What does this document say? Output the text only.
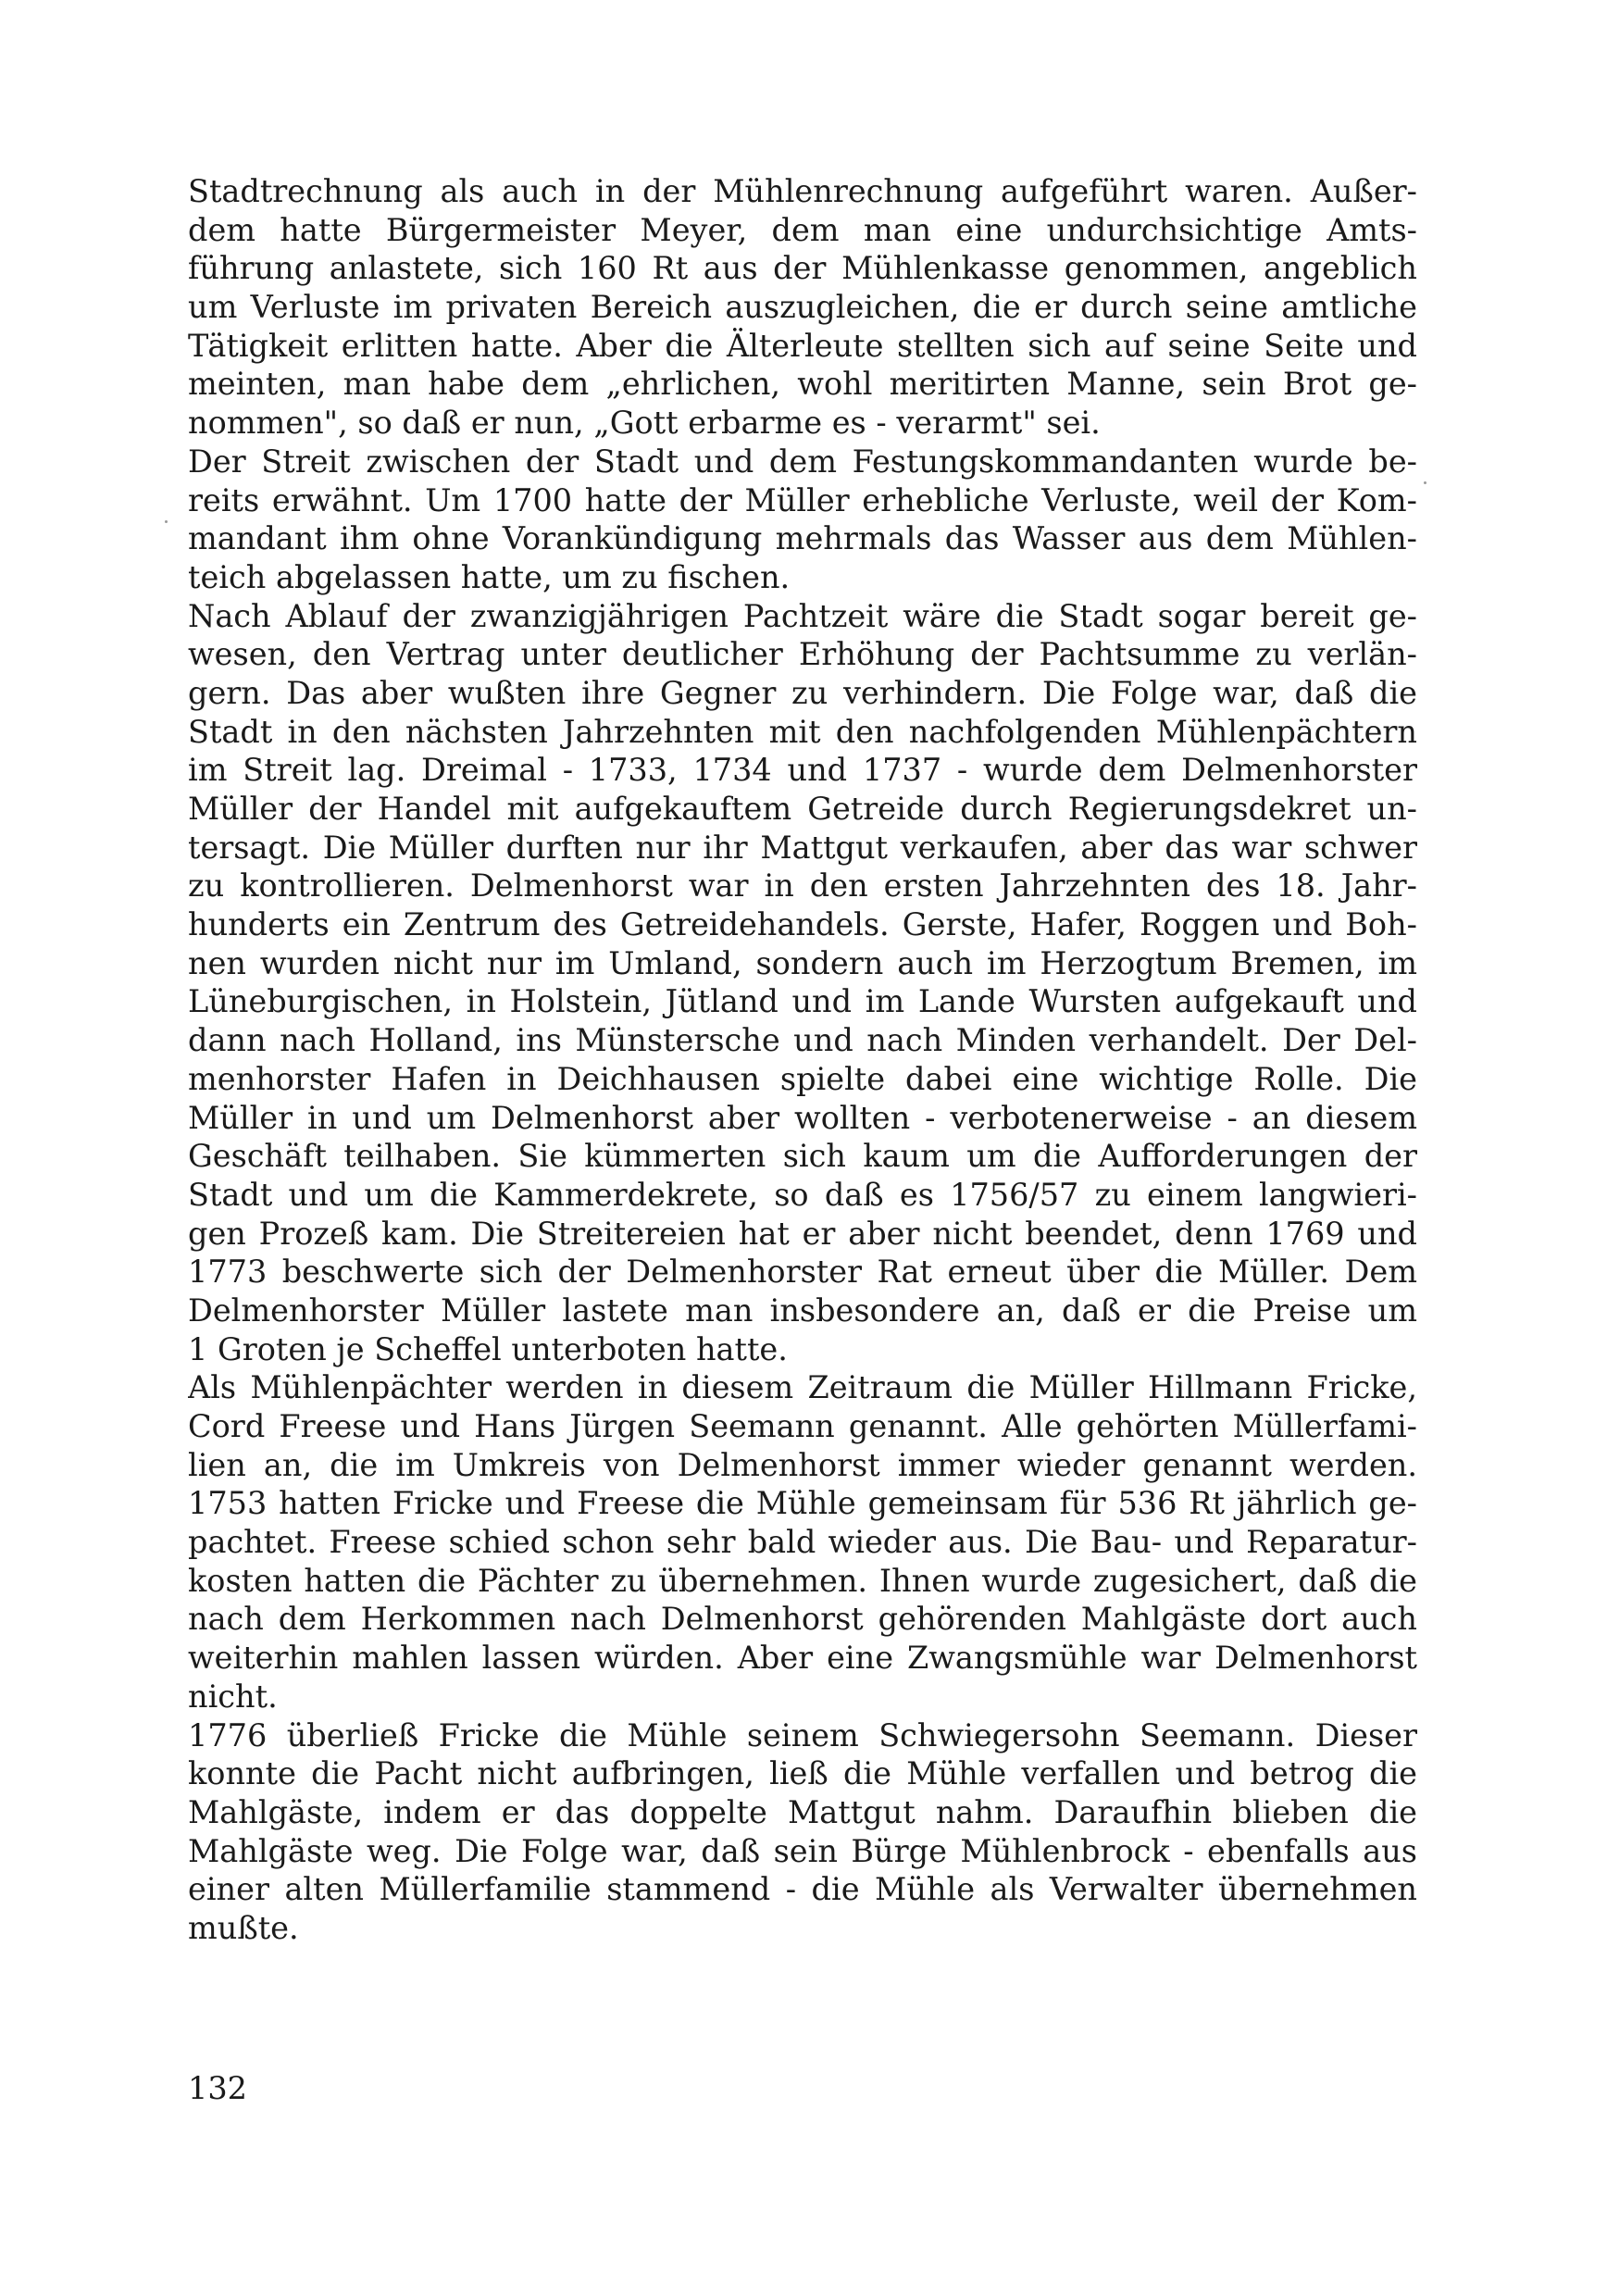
Stadtrechnung als auch in der Mühlenrechnung aufgeführt waren. Außer-
dem hatte Bürgermeister Meyer, dem man eine undurchsichtige Amts-
führung anlastete, sich 160 Rt aus der Mühlenkasse genommen, angeblich
um Verluste im privaten Bereich auszugleichen, die er durch seine amtliche
Tätigkeit erlitten hatte. Aber die Älterleute stellten sich auf seine Seite und
meinten, man habe dem „ehrlichen, wohl meritirten Manne, sein Brot ge-
nommen", so daß er nun, „Gott erbarme es - verarmt" sei.
Der Streit zwischen der Stadt und dem Festungskommandanten wurde be-
reits erwähnt. Um 1700 hatte der Müller erhebliche Verluste, weil der Kom-
mandant ihm ohne Vorankündigung mehrmals das Wasser aus dem Mühlen-
teich abgelassen hatte, um zu fischen.
Nach Ablauf der zwanzigjährigen Pachtzeit wäre die Stadt sogar bereit ge-
wesen, den Vertrag unter deutlicher Erhöhung der Pachtsumme zu verlän-
gern. Das aber wußten ihre Gegner zu verhindern. Die Folge war, daß die
Stadt in den nächsten Jahrzehnten mit den nachfolgenden Mühlenpächtern
im Streit lag. Dreimal - 1733, 1734 und 1737 - wurde dem Delmenhorster
Müller der Handel mit aufgekauftem Getreide durch Regierungsdekret un-
tersagt. Die Müller durften nur ihr Mattgut verkaufen, aber das war schwer
zu kontrollieren. Delmenhorst war in den ersten Jahrzehnten des 18. Jahr-
hunderts ein Zentrum des Getreidehandels. Gerste, Hafer, Roggen und Boh-
nen wurden nicht nur im Umland, sondern auch im Herzogtum Bremen, im
Lüneburgischen, in Holstein, Jütland und im Lande Wursten aufgekauft und
dann nach Holland, ins Münstersche und nach Minden verhandelt. Der Del-
menhorster Hafen in Deichhausen spielte dabei eine wichtige Rolle. Die
Müller in und um Delmenhorst aber wollten - verbotenerweise - an diesem
Geschäft teilhaben. Sie kümmerten sich kaum um die Aufforderungen der
Stadt und um die Kammerdekrete, so daß es 1756/57 zu einem langwieri-
gen Prozeß kam. Die Streitereien hat er aber nicht beendet, denn 1769 und
1773 beschwerte sich der Delmenhorster Rat erneut über die Müller. Dem
Delmenhorster Müller lastete man insbesondere an, daß er die Preise um
1 Groten je Scheffel unterboten hatte.
Als Mühlenpächter werden in diesem Zeitraum die Müller Hillmann Fricke,
Cord Freese und Hans Jürgen Seemann genannt. Alle gehörten Müllerfami-
lien an, die im Umkreis von Delmenhorst immer wieder genannt werden.
1753 hatten Fricke und Freese die Mühle gemeinsam für 536 Rt jährlich ge-
pachtet. Freese schied schon sehr bald wieder aus. Die Bau- und Reparatur-
kosten hatten die Pächter zu übernehmen. Ihnen wurde zugesichert, daß die
nach dem Herkommen nach Delmenhorst gehörenden Mahlgäste dort auch
weiterhin mahlen lassen würden. Aber eine Zwangsmühle war Delmenhorst
nicht.
1776 überließ Fricke die Mühle seinem Schwiegersohn Seemann. Dieser
konnte die Pacht nicht aufbringen, ließ die Mühle verfallen und betrog die
Mahlgäste, indem er das doppelte Mattgut nahm. Daraufhin blieben die
Mahlgäste weg. Die Folge war, daß sein Bürge Mühlenbrock - ebenfalls aus
einer alten Müllerfamilie stammend - die Mühle als Verwalter übernehmen
mußte.
132
